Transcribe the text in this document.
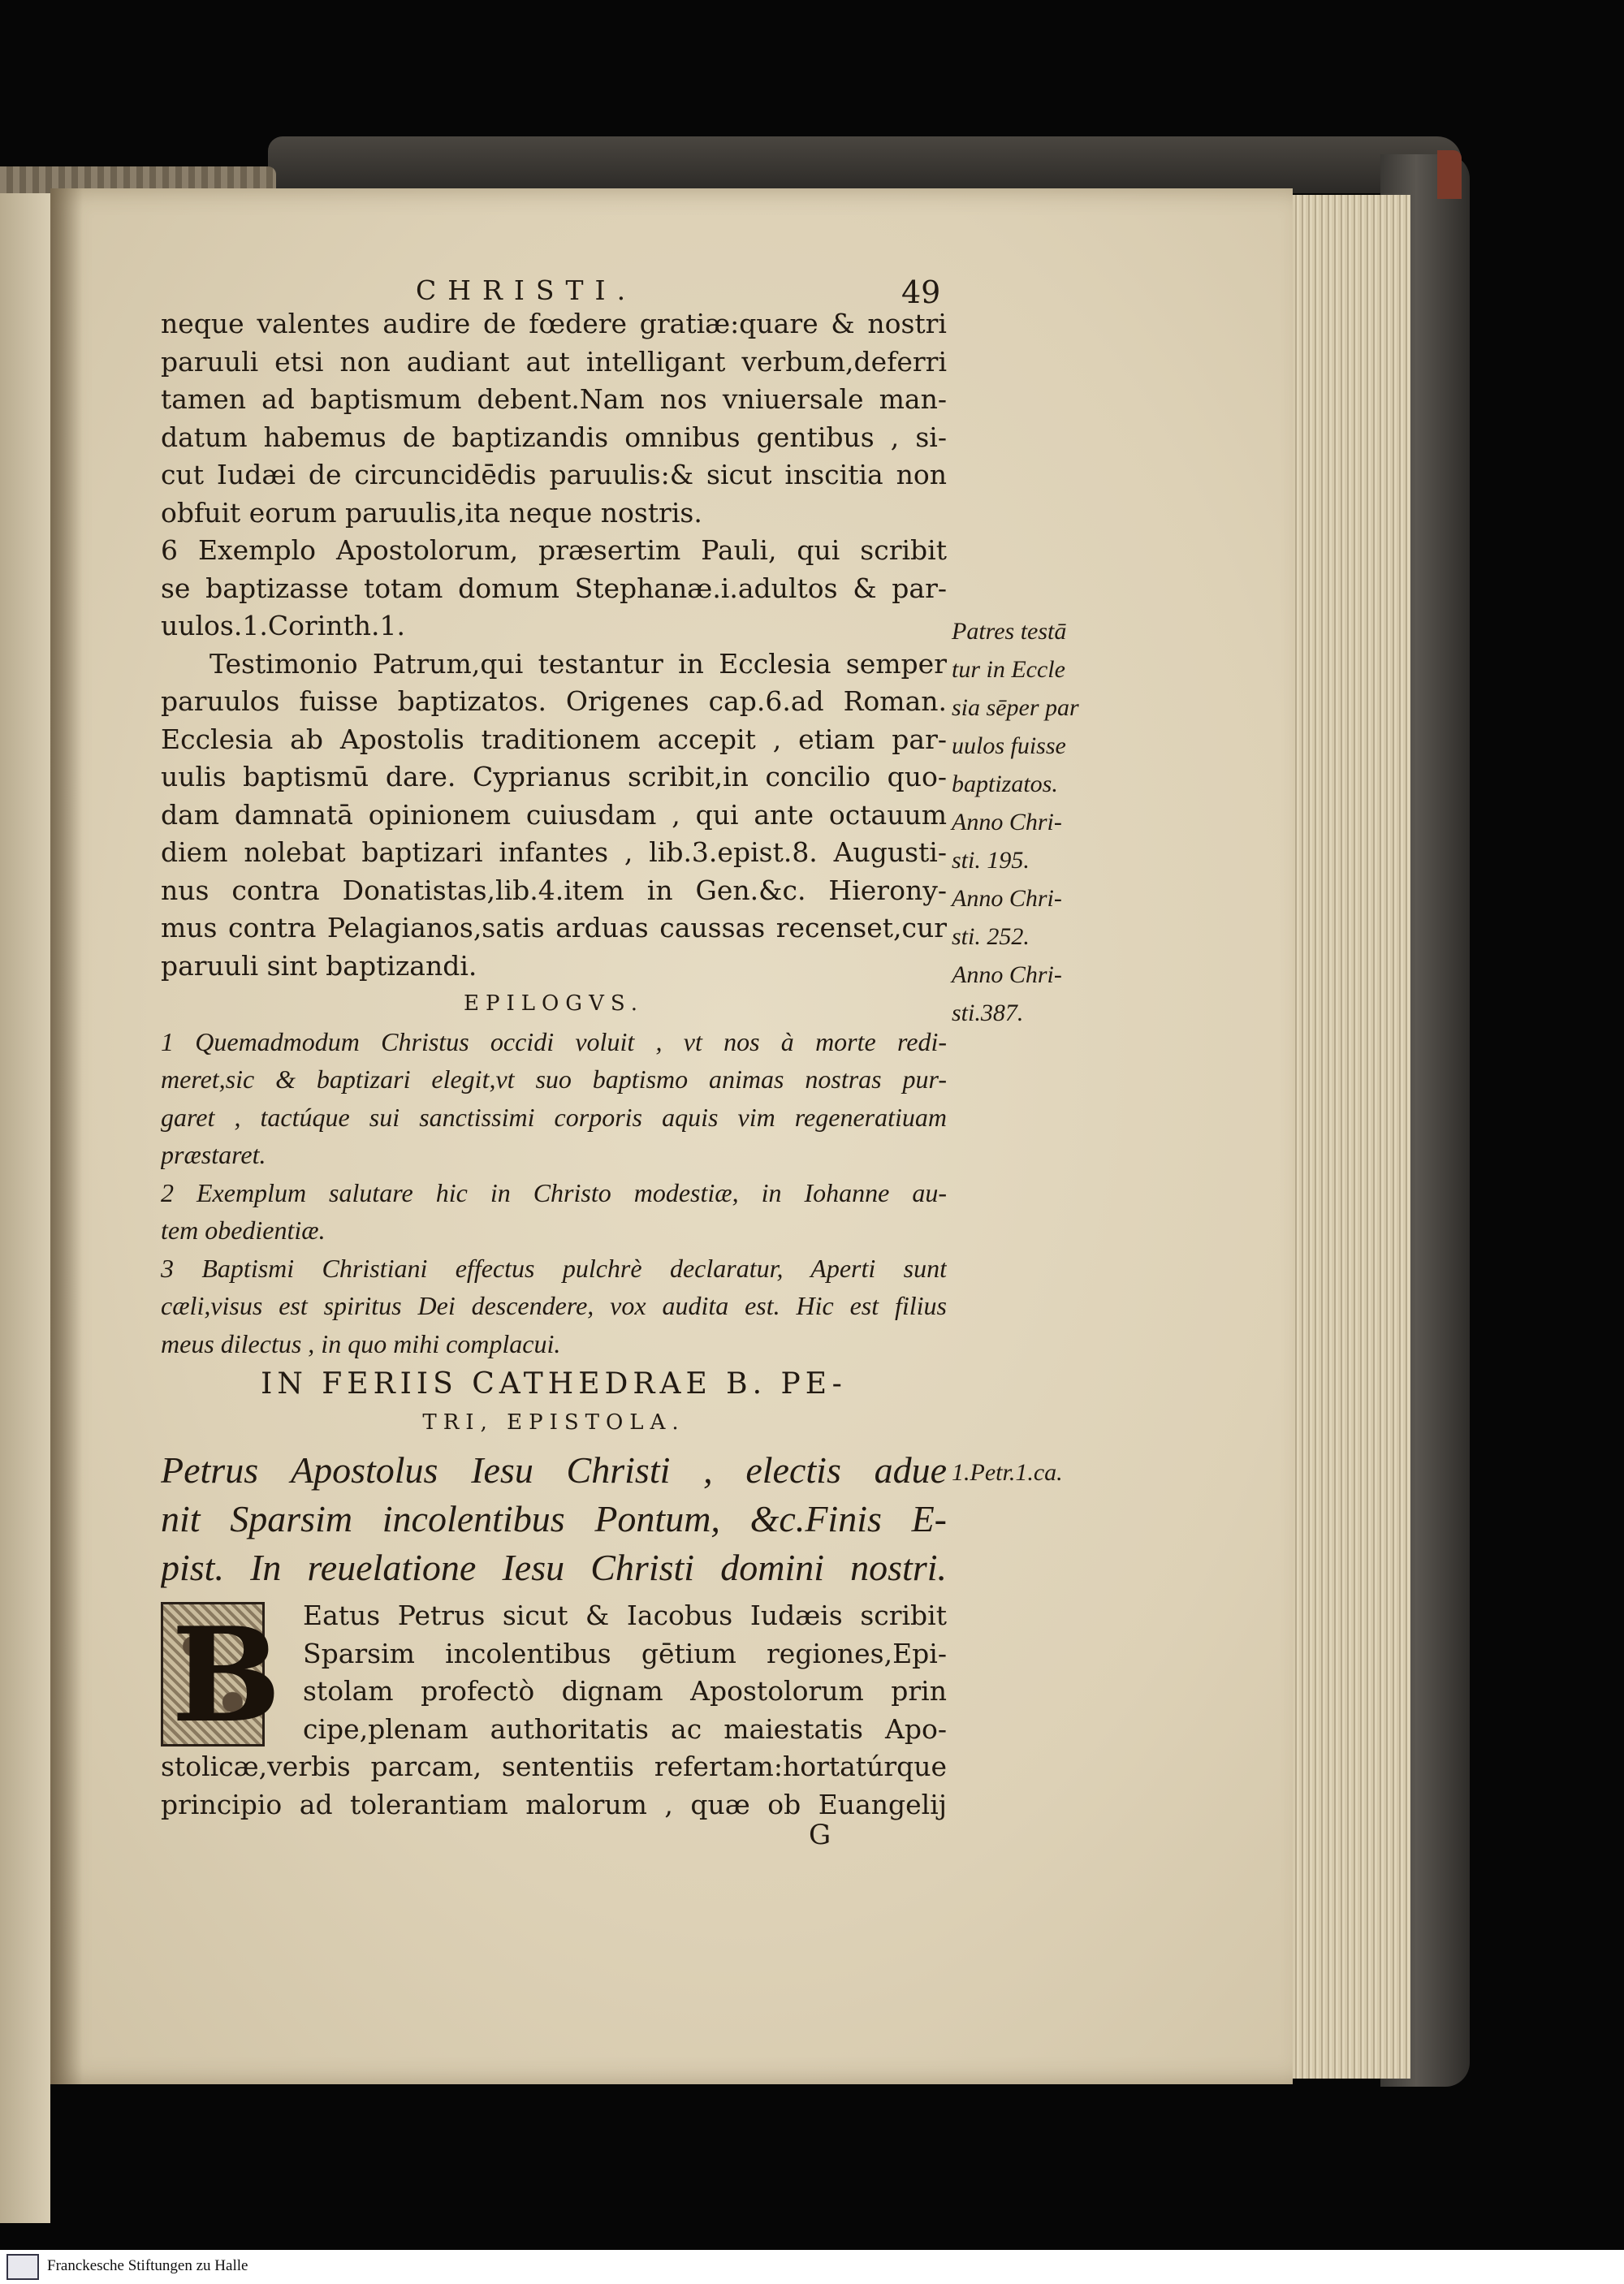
CHRISTI.	49
neque valentes audire de fœdere gratiæ:quare & nostri
paruuli etsi non audiant aut intelligant verbum,deferri
tamen ad baptismum debent.Nam nos vniuersale man-
datum habemus de baptizandis omnibus gentibus , si-
cut Iudæi de circuncidēdis paruulis:& sicut inscitia non
obfuit eorum paruulis,ita neque nostris.
6 Exemplo Apostolorum, præsertim Pauli, qui scribit
se baptizasse totam domum Stephanæ.i.adultos & par-
uulos.1.Corinth.1.
Testimonio Patrum,qui testantur in Ecclesia semper
paruulos fuisse baptizatos. Origenes cap.6.ad Roman.
Ecclesia ab Apostolis traditionem accepit , etiam par-
uulis baptismū dare. Cyprianus scribit,in concilio quo-
dam damnatā opinionem cuiusdam , qui ante octauum
diem nolebat baptizari infantes , lib.3.epist.8. Augusti-
nus contra Donatistas,lib.4.item in Gen.&c. Hierony-
mus contra Pelagianos,satis arduas caussas recenset,cur
paruuli sint baptizandi.
EPILOGVS.
1 Quemadmodum Christus occidi voluit , vt nos à morte redi-
meret,sic & baptizari elegit,vt suo baptismo animas nostras pur-
garet , tactúque sui sanctissimi corporis aquis vim regeneratiuam
præstaret.
2 Exemplum salutare hic in Christo modestiæ, in Iohanne au-
tem obedientiæ.
3 Baptismi Christiani effectus pulchrè declaratur, Aperti sunt
cæli,visus est spiritus Dei descendere, vox audita est. Hic est filius
meus dilectus , in quo mihi complacui.
IN FERIIS CATHEDRAE B. PE-
TRI, EPISTOLA.
Petrus Apostolus Iesu Christi , electis adue
nit Sparsim incolentibus Pontum, &c.Finis E-
pist. In reuelatione Iesu Christi domini nostri.
B Eatus Petrus sicut & Iacobus Iudæis scribit
Sparsim incolentibus gētium regiones,Epi-
stolam profectò dignam Apostolorum prin
cipe,plenam authoritatis ac maiestatis Apo-
stolicæ,verbis parcam, sententiis refertam:hortatúrque
principio ad tolerantiam malorum , quæ ob Euangelij
Patres testā
tur in Eccle
sia sēper par
uulos fuisse
baptizatos.
Anno Chri-
sti. 195.
Anno Chri-
sti. 252.
Anno Chri-
sti.387.
1.Petr.1.ca.
G
Franckesche Stiftungen zu Halle
